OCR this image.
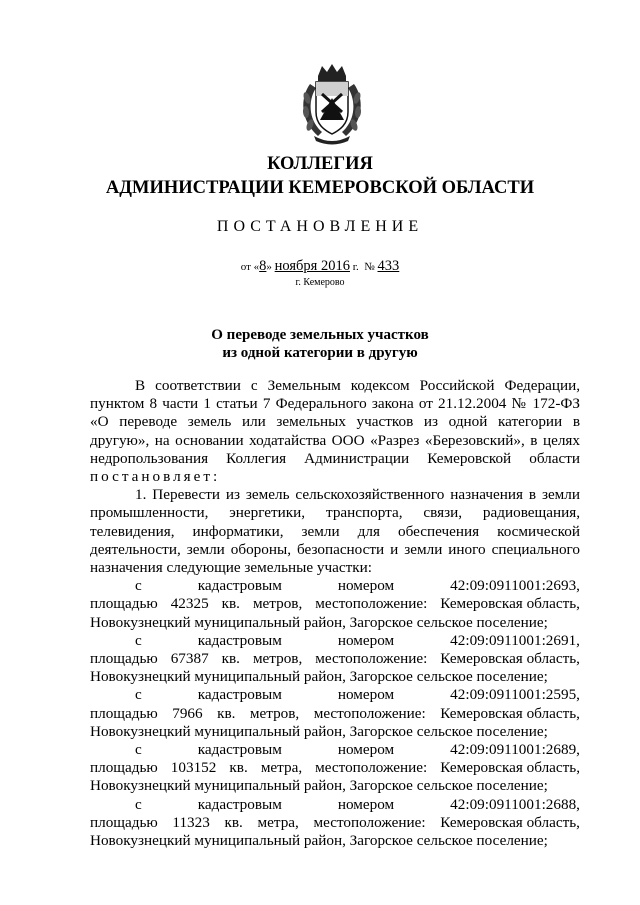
КОЛЛЕГИЯ
АДМИНИСТРАЦИИ КЕМЕРОВСКОЙ ОБЛАСТИ
ПОСТАНОВЛЕНИЕ
от «8» ноября 2016 г. № 433
г. Кемерово
О переводе земельных участков
из одной категории в другую

В соответствии с Земельным кодексом Российской Федерации, пунктом 8 части 1 статьи 7 Федерального закона от 21.12.2004 № 172-ФЗ «О переводе земель или земельных участков из одной категории в другую», на основании ходатайства ООО «Разрез «Березовский», в целях недропользования Коллегия Администрации Кемеровской области постановляет:

1. Перевести из земель сельскохозяйственного назначения в земли промышленности, энергетики, транспорта, связи, радиовещания, телевидения, информатики, земли для обеспечения космической деятельности, земли обороны, безопасности и земли иного специального назначения следующие земельные участки:

с	кадастровым	номером	42:09:0911001:2693,
площадью 42325 кв. метров, местоположение: Кемеровская область,
Новокузнецкий муниципальный район, Загорское сельское поселение;
с	кадастровым	номером	42:09:0911001:2691,
площадью 67387 кв. метров, местоположение: Кемеровская область,
Новокузнецкий муниципальный район, Загорское сельское поселение;
с	кадастровым	номером	42:09:0911001:2595,
площадью 7966 кв. метров, местоположение: Кемеровская область,
Новокузнецкий муниципальный район, Загорское сельское поселение;
с	кадастровым	номером	42:09:0911001:2689,
площадью 103152 кв. метра, местоположение: Кемеровская область,
Новокузнецкий муниципальный район, Загорское сельское поселение;
с	кадастровым	номером	42:09:0911001:2688,
площадью 11323 кв. метра, местоположение: Кемеровская область,
Новокузнецкий муниципальный район, Загорское сельское поселение;
